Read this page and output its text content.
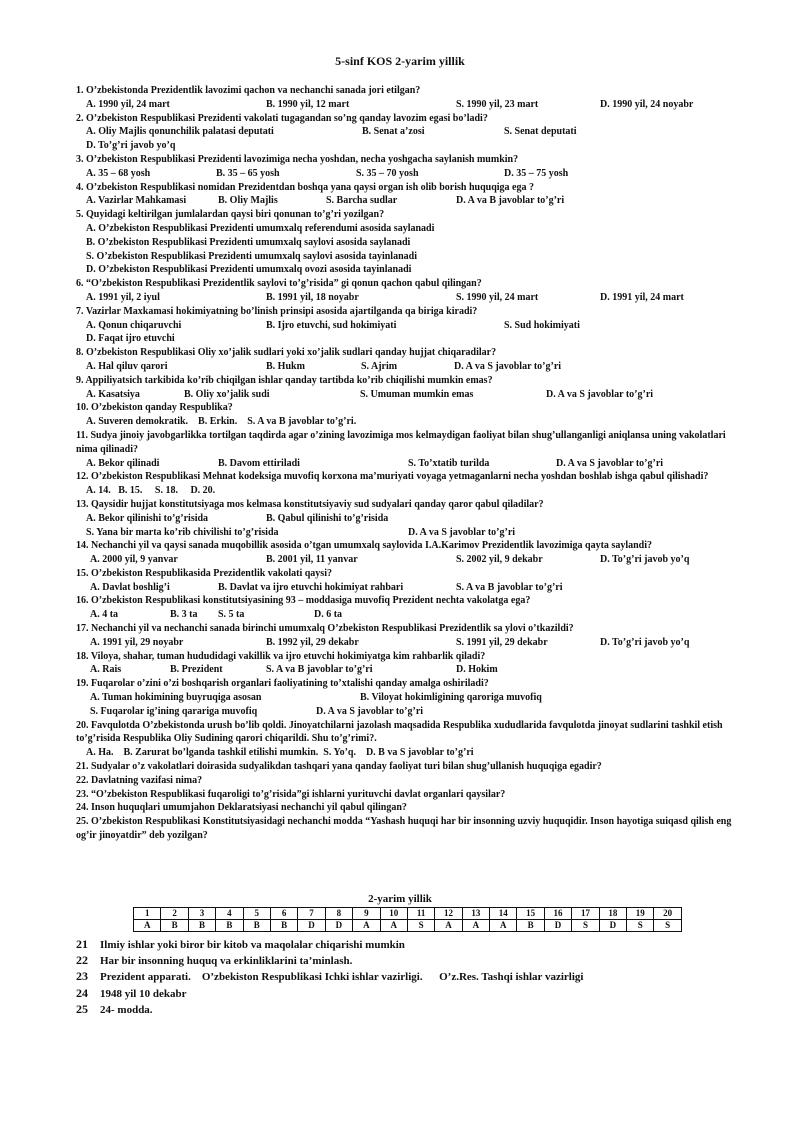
5-sinf KOS 2-yarim yillik
1. O’zbekistonda Prezidentlik lavozimi qachon va nechanchi sanada jori etilgan?
A. 1990 yil, 24 mart	B. 1990 yil, 12 mart	S. 1990 yil, 23 mart	D. 1990 yil, 24 noyabr
2. O’zbekiston Respublikasi Prezidenti vakolati tugagandan so’ng qanday lavozim egasi bo’ladi?
A. Oliy Majlis qonunchilik palatasi deputati	B. Senat a’zosi	S. Senat deputati
D. To’g’ri javob yo’q
3. O’zbekiston Respublikasi Prezidenti lavozimiga necha yoshdan, necha yoshgacha saylanish mumkin?
A. 35 – 68 yosh	B. 35 – 65 yosh	S. 35 – 70 yosh	D. 35 – 75 yosh
4. O’zbekiston Respublikasi nomidan Prezidentdan boshqa yana qaysi organ ish olib borish huquqiga ega ?
A. Vazirlar Mahkamasi	B. Oliy Majlis	S. Barcha sudlar	D. A va B javoblar to’g’ri
5. Quyidagi keltirilgan jumlalardan qaysi biri qonunan to’g’ri yozilgan?
A. O’zbekiston Respublikasi Prezidenti umumxalq referendumi asosida saylanadi
B. O’zbekiston Respublikasi Prezidenti umumxalq saylovi asosida saylanadi
S. O’zbekiston Respublikasi Prezidenti umumxalq saylovi asosida tayinlanadi
D. O’zbekiston Respublikasi Prezidenti umumxalq ovozi asosida tayinlanadi
6. “O’zbekiston Respublikasi Prezidentlik saylovi to’g’risida” gi qonun qachon qabul qilingan?
A. 1991 yil, 2 iyul	B. 1991 yil, 18 noyabr	S. 1990 yil, 24 mart	D. 1991 yil, 24 mart
7. Vazirlar Maxkamasi hokimiyatning bo’linish prinsipi asosida ajartilganda qa biriga kiradi?
A. Qonun chiqaruvchi	B. Ijro etuvchi, sud hokimiyati	S. Sud hokimiyati
D. Faqat ijro etuvchi
8. O’zbekiston Respublikasi Oliy xo’jalik sudlari yoki xo’jalik sudlari qanday hujjat chiqaradilar?
A. Hal qiluv qarori	B. Hukm	S. Ajrim	D. A va S javoblar to’g’ri
9. Appiliyatsich tarkibida ko’rib chiqilgan ishlar qanday tartibda ko’rib chiqilishi mumkin emas?
A. Kasatsiya	B. Oliy xo’jalik sudi	S. Umuman mumkin emas	D. A va S javoblar to’g’ri
10. O’zbekiston qanday Respublika?
A. Suveren demokratik.    B. Erkin.    S. A va B javoblar to’g’ri.
11. Sudya jinoiy javobgarlikka tortilgan taqdirda agar o’zining lavozimiga mos kelmaydigan faoliyat bilan shug’ullanganligi aniqlansa uning vakolatlari nima qilinadi?
A. Bekor qilinadi	B. Davom ettiriladi	S. To’xtatib turilda	D. A va S javoblar to’g’ri
12. O’zbekiston Respublikasi Mehnat kodeksiga muvofiq korxona ma’muriyati voyaga yetmaganlarni necha yoshdan boshlab ishga qabul qilishadi?
A. 14.   B. 15.     S. 18.     D. 20.
13. Qaysidir hujjat konstitutsiyaga mos kelmasa konstitutsiyaviy sud sudyalari qanday qaror qabul qiladilar?
A. Bekor qilinishi to’g’risida	B. Qabul qilinishi to’g’risida
S. Yana bir marta ko’rib chivilishi to’g’risida	D. A va S javoblar to’g’ri
14. Nechanchi yil va qaysi sanada muqobillik asosida o’tgan umumxalq saylovida I.A.Karimov Prezidentlik lavozimiga qayta saylandi?
A. 2000 yil, 9 yanvar	B. 2001 yil, 11 yanvar	S. 2002 yil, 9 dekabr	D. To’g’ri javob yo’q
15. O’zbekiston Respublikasida Prezidentlik vakolati qaysi?
A. Davlat boshlig’i	B. Davlat va ijro etuvchi hokimiyat rahbari	S. A va B javoblar to’g’ri
16. O’zbekiston Respublikasi konstitutsiyasining 93 – moddasiga muvofiq Prezident nechta vakolatga ega?
A. 4 ta	B. 3 ta S. 5 ta	D. 6 ta
17. Nechanchi yil va nechanchi sanada birinchi umumxalq O’zbekiston Respublikasi Prezidentlik sa ylovi o’tkazildi?
A. 1991 yil, 29 noyabr	B. 1992 yil, 29 dekabr	S. 1991 yil, 29 dekabr	D. To’g’ri javob yo’q
18. Viloya, shahar, tuman hududidagi vakillik va ijro etuvchi hokimiyatga kim rahbarlik qiladi?
A. Rais	B. Prezident	S. A va B javoblar to’g’ri	D. Hokim
19. Fuqarolar o’zini o’zi boshqarish organlari faoliyatining to’xtalishi qanday amalga oshiriladi?
A. Tuman hokimining buyruqiga asosan	B. Viloyat hokimligining qaroriga muvofiq
S. Fuqarolar ig’ining qarariga muvofiq	D. A va S javoblar to’g’ri
20. Favqulotda O’zbekistonda urush bo’lib qoldi. Jinoyatchilarni jazolash maqsadida Respublika xududlarida favqulotda jinoyat sudlarini tashkil etish to’g’risida Respublika Oliy Sudining qarori chiqarildi. Shu to’g’rimi?.
A. Ha.    B. Zarurat bo’lganda tashkil etilishi mumkin.  S. Yo’q.    D. B va S javoblar to’g’ri
21. Sudyalar o’z vakolatlari doirasida sudyalikdan tashqari yana qanday faoliyat turi bilan shug’ullanish huquqiga egadir?
22. Davlatning vazifasi nima?
23. “O’zbekiston Respublikasi fuqaroligi to’g’risida”gi ishlarni yurituvchi davlat organlari qaysilar?
24. Inson huquqlari umumjahon Deklaratsiyasi nechanchi yil qabul qilingan?
25. O’zbekiston Respublikasi Konstitutsiyasidagi nechanchi modda “Yashash huquqi har bir insonning uzviy huquqidir. Inson hayotiga suiqasd qilish eng og’ir jinoyatdir” deb yozilgan?
2-yarim yillik
1	2	3	4	5	6	7	8	9	10	11	12	13	14	15	16	17	18	19	20
A	B	B	B	B	B	D	D	A	A	S	A	A	A	B	D	S	D	S	S
21 Ilmiy ishlar yoki biror bir kitob va maqolalar chiqarishi mumkin
22 Har bir insonning huquq va erkinliklarini ta’minlash.
23 Prezident apparati.    O’zbekiston Respublikasi Ichki ishlar vazirligi.      O’z.Res. Tashqi ishlar vazirligi
24 1948 yil 10 dekabr
25 24- modda.
